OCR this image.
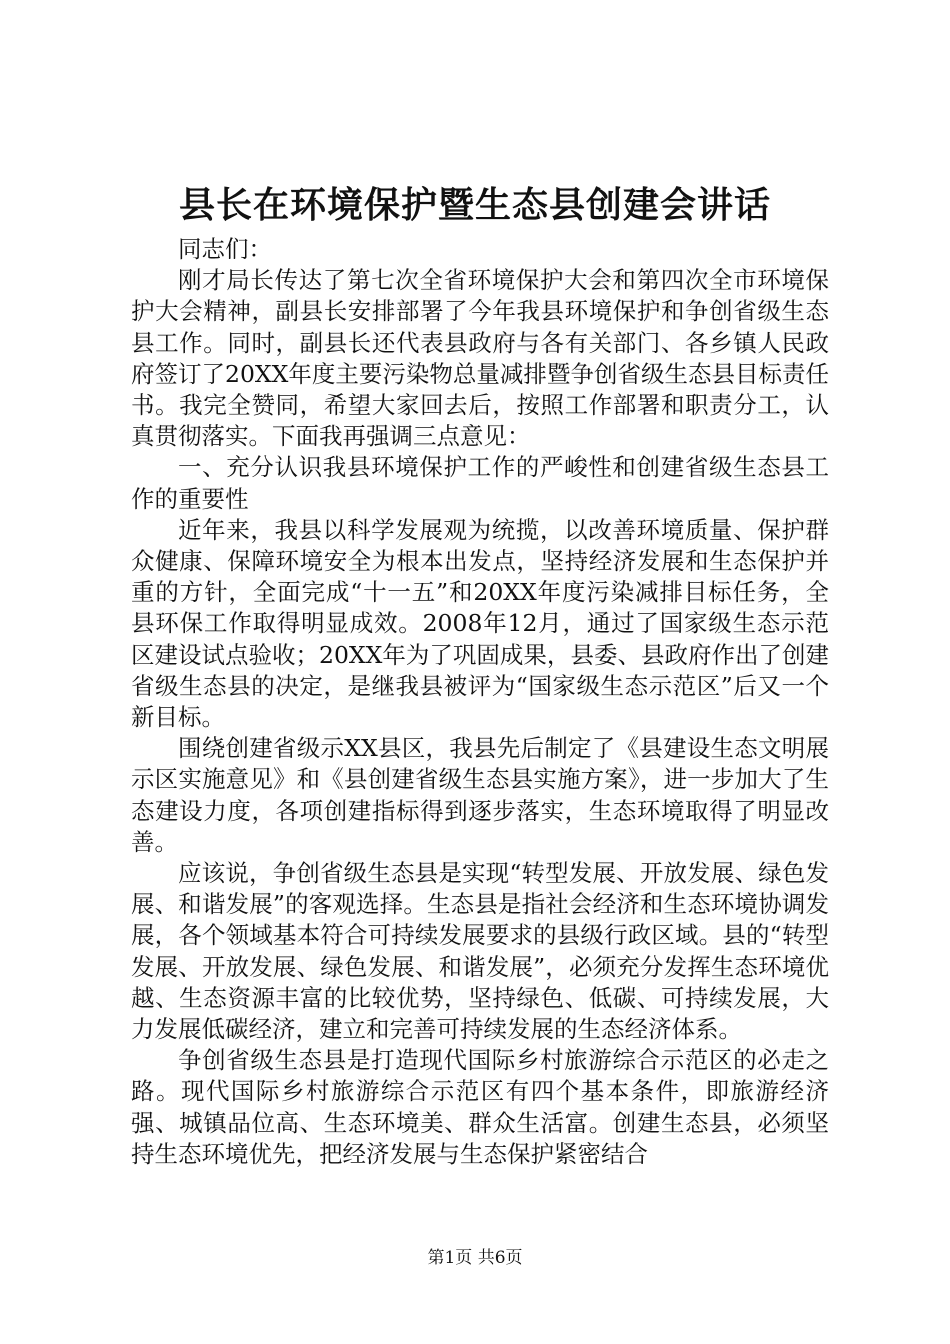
县长在环境保护暨生态县创建会讲话

同志们：

刚才局长传达了第七次全省环境保护大会和第四次全市环境保护大会精神，副县长安排部署了今年我县环境保护和争创省级生态县工作。同时，副县长还代表县政府与各有关部门、各乡镇人民政府签订了20XX年度主要污染物总量减排暨争创省级生态县目标责任书。我完全赞同，希望大家回去后，按照工作部署和职责分工，认真贯彻落实。下面我再强调三点意见：

一、充分认识我县环境保护工作的严峻性和创建省级生态县工作的重要性

近年来，我县以科学发展观为统揽，以改善环境质量、保护群众健康、保障环境安全为根本出发点，坚持经济发展和生态保护并重的方针，全面完成“十一五”和20XX年度污染减排目标任务，全县环保工作取得明显成效。2008年12月，通过了国家级生态示范区建设试点验收；20XX年为了巩固成果，县委、县政府作出了创建省级生态县的决定，是继我县被评为“国家级生态示范区”后又一个新目标。

围绕创建省级示XX县区，我县先后制定了《县建设生态文明展示区实施意见》和《县创建省级生态县实施方案》，进一步加大了生态建设力度，各项创建指标得到逐步落实，生态环境取得了明显改善。

应该说，争创省级生态县是实现“转型发展、开放发展、绿色发展、和谐发展”的客观选择。生态县是指社会经济和生态环境协调发展，各个领域基本符合可持续发展要求的县级行政区域。县的“转型发展、开放发展、绿色发展、和谐发展”，必须充分发挥生态环境优越、生态资源丰富的比较优势，坚持绿色、低碳、可持续发展，大力发展低碳经济，建立和完善可持续发展的生态经济体系。

争创省级生态县是打造现代国际乡村旅游综合示范区的必走之路。现代国际乡村旅游综合示范区有四个基本条件，即旅游经济强、城镇品位高、生态环境美、群众生活富。创建生态县，必须坚持生态环境优先，把经济发展与生态保护紧密结合

第1页 共6页
